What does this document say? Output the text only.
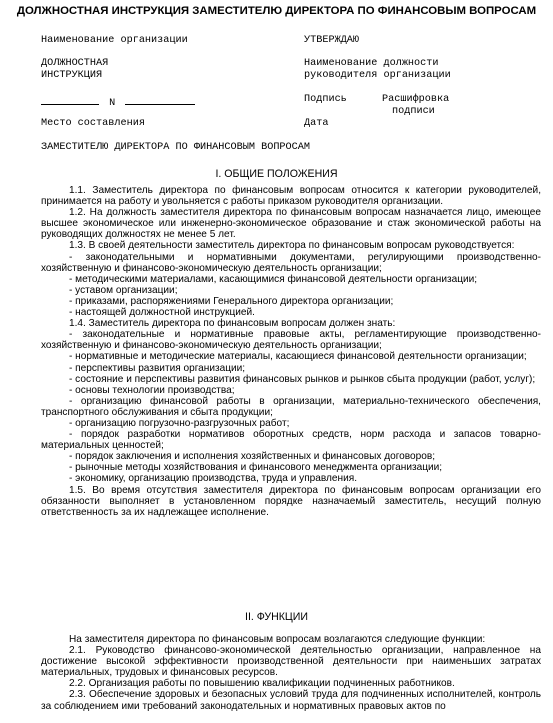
ДОЛЖНОСТНАЯ ИНСТРУКЦИЯ ЗАМЕСТИТЕЛЮ ДИРЕКТОРА ПО ФИНАНСОВЫМ ВОПРОСАМ
Наименование организации	УТВЕРЖДАЮ
ДОЛЖНОСТНАЯ
ИНСТРУКЦИЯ
Наименование должности
руководителя организации
N	Подпись	Расшифровка
подписи
Место составления	Дата
ЗАМЕСТИТЕЛЮ ДИРЕКТОРА ПО ФИНАНСОВЫМ ВОПРОСАМ
I. ОБЩИЕ ПОЛОЖЕНИЯ

1.1. Заместитель директора по финансовым вопросам относится к категории руководителей, принимается на работу и увольняется с работы приказом руководителя организации.

1.2. На должность заместителя директора по финансовым вопросам назначается лицо, имеющее высшее экономическое или инженерно-экономическое образование и стаж экономической работы на руководящих должностях не менее 5 лет.

1.3. В своей деятельности заместитель директора по финансовым вопросам руководствуется:

- законодательными и нормативными документами, регулирующими производственно-хозяйственную и финансово-экономическую деятельность организации;

- методическими материалами, касающимися финансовой деятельности организации;

- уставом организации;

- приказами, распоряжениями Генерального директора организации;

- настоящей должностной инструкцией.

1.4. Заместитель директора по финансовым вопросам должен знать:

- законодательные и нормативные правовые акты, регламентирующие производственно-хозяйственную и финансово-экономическую деятельность организации;

- нормативные и методические материалы, касающиеся финансовой деятельности организации;

- перспективы развития организации;

- состояние и перспективы развития финансовых рынков и рынков сбыта продукции (работ, услуг);

- основы технологии производства;

- организацию финансовой работы в организации, материально-технического обеспечения, транспортного обслуживания и сбыта продукции;

- организацию погрузочно-разгрузочных работ;

- порядок разработки нормативов оборотных средств, норм расхода и запасов товарно-материальных ценностей;

- порядок заключения и исполнения хозяйственных и финансовых договоров;

- рыночные методы хозяйствования и финансового менеджмента организации;

- экономику, организацию производства, труда и управления.

1.5. Во время отсутствия заместителя директора по финансовым вопросам организации его обязанности выполняет в установленном порядке назначаемый заместитель, несущий полную ответственность за их надлежащее исполнение.

II. ФУНКЦИИ

На заместителя директора по финансовым вопросам возлагаются следующие функции:

2.1. Руководство финансово-экономической деятельностью организации, направленное на достижение высокой эффективности производственной деятельности при наименьших затратах материальных, трудовых и финансовых ресурсов.

2.2. Организация работы по повышению квалификации подчиненных работников.

2.3. Обеспечение здоровых и безопасных условий труда для подчиненных исполнителей, контроль за соблюдением ими требований законодательных и нормативных правовых актов по
